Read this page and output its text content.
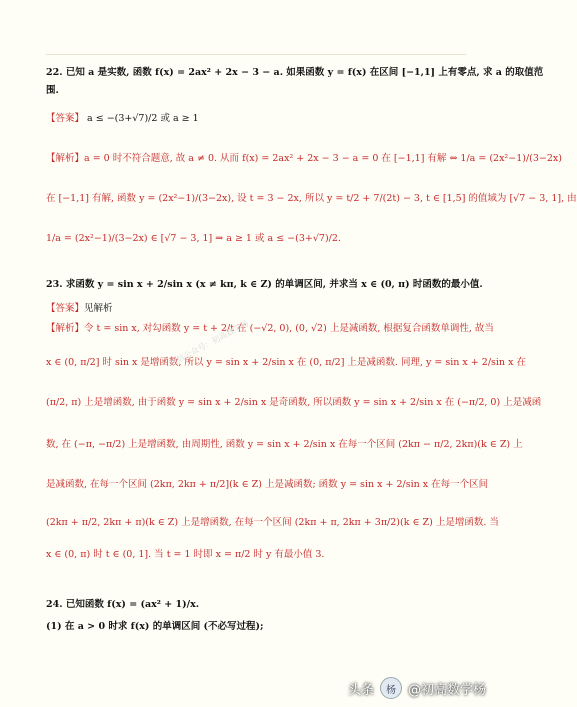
22. 已知 a 是实数, 函数 f(x) = 2ax² + 2x − 3 − a. 如果函数 y = f(x) 在区间 [−1,1] 上有零点, 求 a 的取值范
围.
【答案】 a ≤ −(3+√7)/2 或 a ≥ 1
【解析】a = 0 时不符合题意, 故 a ≠ 0. 从而 f(x) = 2ax² + 2x − 3 − a = 0 在 [−1,1] 有解 ⇔ 1/a = (2x²−1)/(3−2x)
在 [−1,1] 有解, 函数 y = (2x²−1)/(3−2x), 设 t = 3 − 2x, 所以 y = t/2 + 7/(2t) − 3, t ∈ [1,5] 的值域为 [√7 − 3, 1], 由
1/a = (2x²−1)/(3−2x) ∈ [√7 − 3, 1] ⇒ a ≥ 1 或 a ≤ −(3+√7)/2.
23. 求函数 y = sin x + 2/sin x (x ≠ kπ, k ∈ Z) 的单调区间, 并求当 x ∈ (0, π) 时函数的最小值.
【答案】见解析
【解析】令 t = sin x, 对勾函数 y = t + 2/t 在 (−√2, 0), (0, √2) 上是减函数, 根据复合函数单调性, 故当
x ∈ (0, π/2] 时 sin x 是增函数, 所以 y = sin x + 2/sin x 在 (0, π/2] 上是减函数. 同理, y = sin x + 2/sin x 在
(π/2, π) 上是增函数, 由于函数 y = sin x + 2/sin x 是奇函数, 所以函数 y = sin x + 2/sin x 在 (−π/2, 0) 上是减函
数, 在 (−π, −π/2) 上是增函数, 由周期性, 函数 y = sin x + 2/sin x 在每一个区间 (2kπ − π/2, 2kπ)(k ∈ Z) 上
是减函数, 在每一个区间 (2kπ, 2kπ + π/2](k ∈ Z) 上是减函数; 函数 y = sin x + 2/sin x 在每一个区间
(2kπ + π/2, 2kπ + π)(k ∈ Z) 上是增函数, 在每一个区间 (2kπ + π, 2kπ + 3π/2)(k ∈ Z) 上是增函数. 当
x ∈ (0, π) 时 t ∈ (0, 1]. 当 t = 1 时即 x = π/2 时 y 有最小值 3.
24. 已知函数 f(x) = (ax² + 1)/x.
(1) 在 a > 0 时求 f(x) 的单调区间 (不必写过程);
微信公众号：初高数学杨
头条	杨 @初高数学杨
